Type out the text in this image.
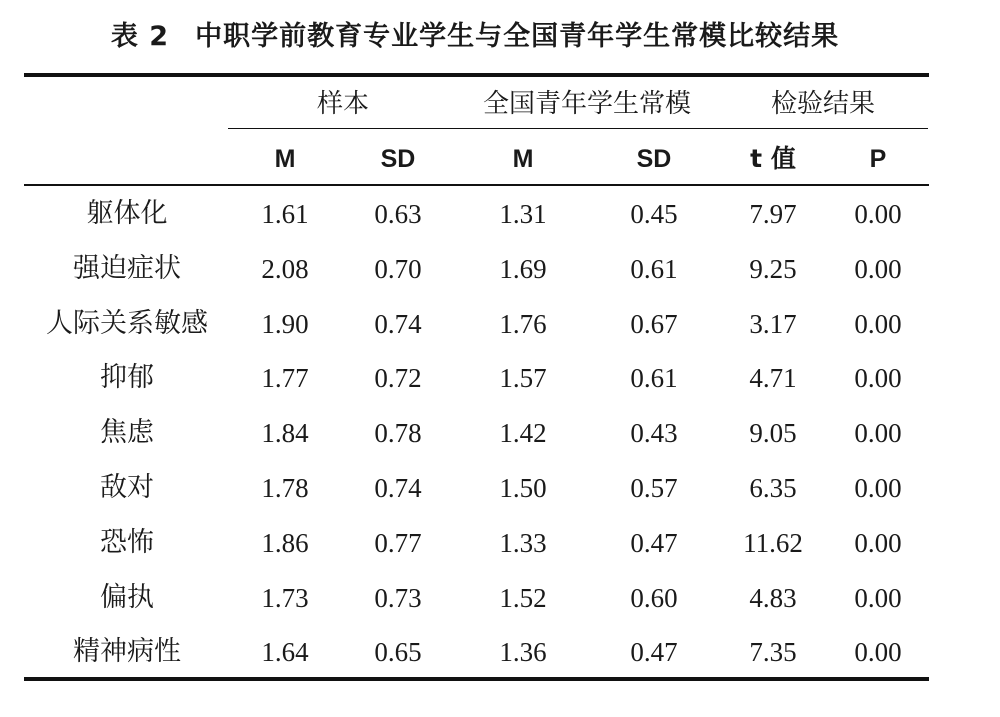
表 2 中职学前教育专业学生与全国青年学生常模比较结果
样本	全国青年学生常模	检验结果
M	SD	M	SD	t 值	P
躯体化	1.61	0.63	1.31	0.45	7.97	0.00
强迫症状	2.08	0.70	1.69	0.61	9.25	0.00
人际关系敏感	1.90	0.74	1.76	0.67	3.17	0.00
抑郁	1.77	0.72	1.57	0.61	4.71	0.00
焦虑	1.84	0.78	1.42	0.43	9.05	0.00
敌对	1.78	0.74	1.50	0.57	6.35	0.00
恐怖	1.86	0.77	1.33	0.47	11.62	0.00
偏执	1.73	0.73	1.52	0.60	4.83	0.00
精神病性	1.64	0.65	1.36	0.47	7.35	0.00
